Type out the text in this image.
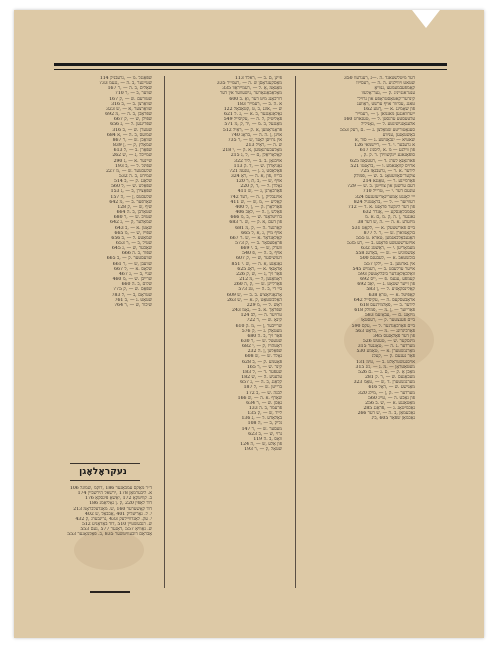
דער מיטלשטאנד .ה .—ג ,רענרעוו 350

שטאט ויווילניע .ה .ה — ,רעסייוו

קאַמפעבמעמעצ ,גנוויאָ

ענט־אנגייניג .ק — ,גער־אָלעוו

קינדער־קאטאַסטראָפע און גרויל־

טאנג ,עכיזור אויף ערשט ,ראַוועג

פון שאָמינג .א — ,רָטע 162

ייערוואגגען מאנמאן .ן — ,רעמייר

עלטעסטע ערנסטן .ל — ,טענארט 160

אלעגאַנגישיגטע .ל — ,גאָניליל

סעגאַטוריטע שמאַלצן .ג — .ם ,רעק 553

באַשטאַגען ,עניווע

שאטיא — ינבאַגישע .ג — סוד ,א

א גרעבער .י .ד — ,ריישמאי 126

פון ווילנע — מ .א ,ליסגינ 617

סופאַגאגע יינקשווידן .ד .ק .ק ,

פארנאַנאַ לערנ .ד — ,רעטנאַמ 625

ארויס קוואַנאמע .ו — ,בראָנטו 521

לידער .א .ר — ,גרעבנאַז 725

צוקער־סאַוועטאָג .ב .ש — ,פמולק

פאַרמייגע .ר — ,טאַנגא 214

דעם ערשטן און צווייטן .ב .ש — 729

עונעם דער .י — ,טרייל 710

ייי לאַנגט אַמעריגאָריעזענעס 324

רעוויזער — .ל — ,בראָנטגיל 824

פון דער לינקער פראָנט .א .ד — 712

אַסמבלאַנסקע — ,אַנדר 632

גאנגער ,ן .ה ,ק .מ ,ם .א .מ

מיזערע .א .ה — .ה ,ש דער 38

ביים פארשטעלן .א — ,לקאַט 531

בוקאַגווארן .ש — ,ר .ל 877

האַגעבאַלכאגמען ,טארא .ט 555

אויזערשטעשע פראַגע .ב — ,רע 535

מעמאָריען .י — ,ראַשטנ 632

אַנשמוגיע — .ש — ,באַרענ 558

בוכשטאב .א — ,לעבעגס 500

אין גארטען .ב — ,ילקו 557

אייער ערלעבט .ב — ,רעמיש 545

וואַלבאַלאַנדער ביבליאָטעק 593

קעמפע ,עגעמ .פ — ,ייס 692

פון זייער שטאָט .ג — ,יאַב 692

קאַלינסקאַניע .ל — ,ן 583

קאַפּיטל .א — ,טראַ 638

אראַבעסקעס .ה — ,עקיסייל 642

לידער .ב — ,פאַלמירגעס 618

פאַריזער — ,ן .מ — ,פמולק 618

מיזאַנג .ם — ,עבאָזעמ 583

ביים פענצטער .ק — ,רעסטאָו

ביים פאַרבאַנדנער .ל — ,עקס 590

פאַרבינדונג — .מ — ,בראַט 563

פון דער פאַלאַנעס 345

מינסקער .ש — ,טעטש 526

מערדער .ג .ה — ,טאָגנער 315

מאַרגנשטערן .א — ,טאַמע 530

פאַר גענעם .ק — ,קעלנ

אויסגעשטראַלט .ב — ,טימ 131

מעטאַטראָן — .מ .ג — ,גזג 315

מאַכן אַ .ק — ,ם .ג — .ם 526

מעכאַנעס .ש — ,ר .ק 281

מערגנשטערן .ד ,ש — ,טאַמ 323

מאַגישע .ש — ,דאָל 616

מערדער — .ק ,ן — ,מילג 320

פון נאַכט .ה — ,טייג 560

מאַטאַנגע .א — ,ש .ב 256

נאַכמיטאָג .ג — ,פּראַגנ 285

נאַכעמאַן ,ב .ה — ,ש דער 266

נאַכמאַן שפּאַר 605 ,בינ

פייגן ,ם .ב — ,ראלד 113

מאַסקעגראָסן ש .ה — ,רעמייר 335

מאַגאַמ ,אַ .ל — ,רעמייראַוו 335

מאָלאַבאַנגאַרער ,גישעווער אין דער

דורכאַנג מיט דער ,ואַ .ב 600

א .ה .ב — ,רעמייר 183

ש — ,אוגנ ,ב ,ט ,קטאַבאַל 122

גאַלאַגאַנגער ,ב .א — ,ג .ל 621

פאָליטיק ,ל .ה — ,עקיסייל 549

מאַנגעל ,ב .מ — ,יד ,ק ,מ 571

פּראָגראַמען ,א .ק — ,ראַיל 512

אויגן ,ן .ה .ה — ,בראָנ 740

אין גרויסן לאַנד ,ש — ,ר 735

ש .ה — ,ראַיל 213

מאָלעכערנאַמען ,א .ק — ,י 218

קאָלאָריאַלן ,ם — ,ל ,ג 215

אויבנאָן .ב .ב — ,ליד 322

גאַניאַרדן .ש — ,ד .ק 113

פּאַלאַסט ,ג .ן — ,טנעמ 721

בריוו ,פון ,א .ה — ,ראַ 324

אויף ,ש — ,ב ,ת ,ר 120

גאָלדן .ל — ,ד ,ק 220

פֿאַרבאָרגן ,ג — ,ש 411

אויגנבליק ,ן .ה — ,רעד 742

קאַליע — ,מ ,ש — ,ש 411

פאַרלאָרן .ק — ,ן ,ל 400

פאַלש ,ן .ה — ,לאַב 406

ברויטלאַנד .ש — ,ב ,מ 666

פון דעם ,א .ק — ,ש .ר 683

קאַרגער .ה — ,ק ,מ 681

אויף מיין ,ג ,א ,ל 665

קאַלאַנדאַר .א — ,ש .ר 667

פּראָפעסאָר .ב — ,ק 573

ווערק ,ש — ,ב .י 669

אויף ,ב .ה — ,פ 540

רעזשיסער ,ש — ,ק 607

גאַגאַנע ,א .ה — ,ש .י 851

אַדאָנאַי .א — ,ראַג 625

פאַר זיך ,ג — ,ש ,ק 226

ראָמאַנען ,ל — ,מ 212

פאַרלייגן .ש — ,ק ,ה 260

ביי די ,ב .ה — ,טנ 573

אָרגאַניזאַציע .ב .ב — ,ש 609

האַלבשטאַט ,ק .א — ,ש 263

ראָש .ל — ,מ 229

שפּראַך .א .ב — ,גאָמ 243

טרויער .ה — ,לבּ 124

קינאָ .ש — ,ר 722

שרייבער ,ן — ,מ .ק 610

מעטאַלן .ג — ,ק 576

פאַר זיך ,ב .ה 680

שטעטל .ש — ,ר 630

ראַטהויז ,ק — ,י 682

שפּאַלטן ,ן .ה 232

גאָלד .ש — ,ש 608

פּאָעמע .ק — ,ב 628

קינד .ש — ,ר 165

שעפער .ד — ,ל 183

עלעגיע .ה — ,ש 182

קלאַנג ,ב .ה — ,ג 657

ברייטן .ש — ,ל 187

לבנה .ש — ,ב 172

שאַרף .א .ה — ,ש 166

גאַסן .ש — ,ר 634

פרעמד ,ב .ה 133

לייד ,ש — ,ק 135

באַלאַדע .ל — ,ג 136

גליק ,ב — ,ה 108

מעסער .ש — ,ר 147

גרוי ,ש — ,ב 623

וואָס ,ב .ה 119

פון אַלע ,ש — ,ה 124

שטאָל ,ק — ,ר 193

שפּאַנגל .מ — ,גרעבניק 114

שטייגער ,ב .ה — ,נגעמ 733

שאַלים ,ב .ה — ,ר 167

שווער ,ב — ,ר 710

שטורעם .ש — ,ק 167

שוואַרצן .ב — ,ב 316

שוואַרצער ,א — ,ש 323

שפּראַכן ,ב .ה — ,מ 692

שפּילן ,ש — ,ק 667

שפּרינגען .ל — ,ג 656

שטערן .ש — ,ב 316

שמועס ,ב .ה — ,א 684

שוואַכן .ש — ,ר 867

שמאַלץ ,ק — ,ן 839

שפּאַרן .ב — ,ל 613

שמייכל ,ג — ,ש 262

שיינער .א — ,ג 290

שפּיגל .ל — ,ב 193

שלעכטער .ש — ,מ 227

שמידט ,ב .ה 532

שלאַנג .ק — ,ב 514

שפּאַלט .ש — ,ל 560

שפּאַצירן ,ב — ,ג 153

שלעכטס ,ן — ,ה 157

שאַרפער .ב — ,מ 642

שיף ,ש — ,ק 128

שטאַרבן ,ב .ה 664

שטויב .ש — ,ר 680

שמאַלער ,ק — ,ג 642

שאָטן .א — ,ב 643

שפּייז ,ש — ,מ 665

שמאַטע .ל — ,ב 656

שטיל ,ב — ,ר 653

שאַכער ,ש — ,ג 645

שפּור ,ב .ה 666

שוועסטער .ק — ,ב 665

שוועבן ,ש — ,ר 661

שלאָס .א — ,ל 667

שניי ,ב — ,ג 467

שרייבן .ש — ,מ 460

שלום ,ב .ה 660

שפּאַס .ש — ,ק 775

שטראָם ,ב — ,ל 783

שטאַט .ג — ,ב 761

שיכור ,ש — ,ר 764

נעקראָלאָגן

ד״ר מאַקס עמבאַגער 186 ,דוקמ ,שמוגל 106

א. ליבערמאַן 178 ,ירשאל הירשביין 174

ב. קוויטקאָ 172 ,יאַשאָ פּיגסקאַ 176

דוד לאַפּין 220 ,ק .ן גאָליאַמנ 186

דוד קאָשערער 160 ,ש. מאַנדעלבראָמ 213

י. ל. גאַריעליק 401 ,אַבבאַל ,ש 402

י. עק. לאַנדוויילעק 433 ,גרינבערג ,ק 432

ש. רגבעשטיין 510 ,דוד באַדאַניע 512

ש. נאַוויאַ 557 ,דאַגער 577 ,נעם 553

אַבראַם דוכעוויטשער 835 ,ב. פאַלמאָגער 553
